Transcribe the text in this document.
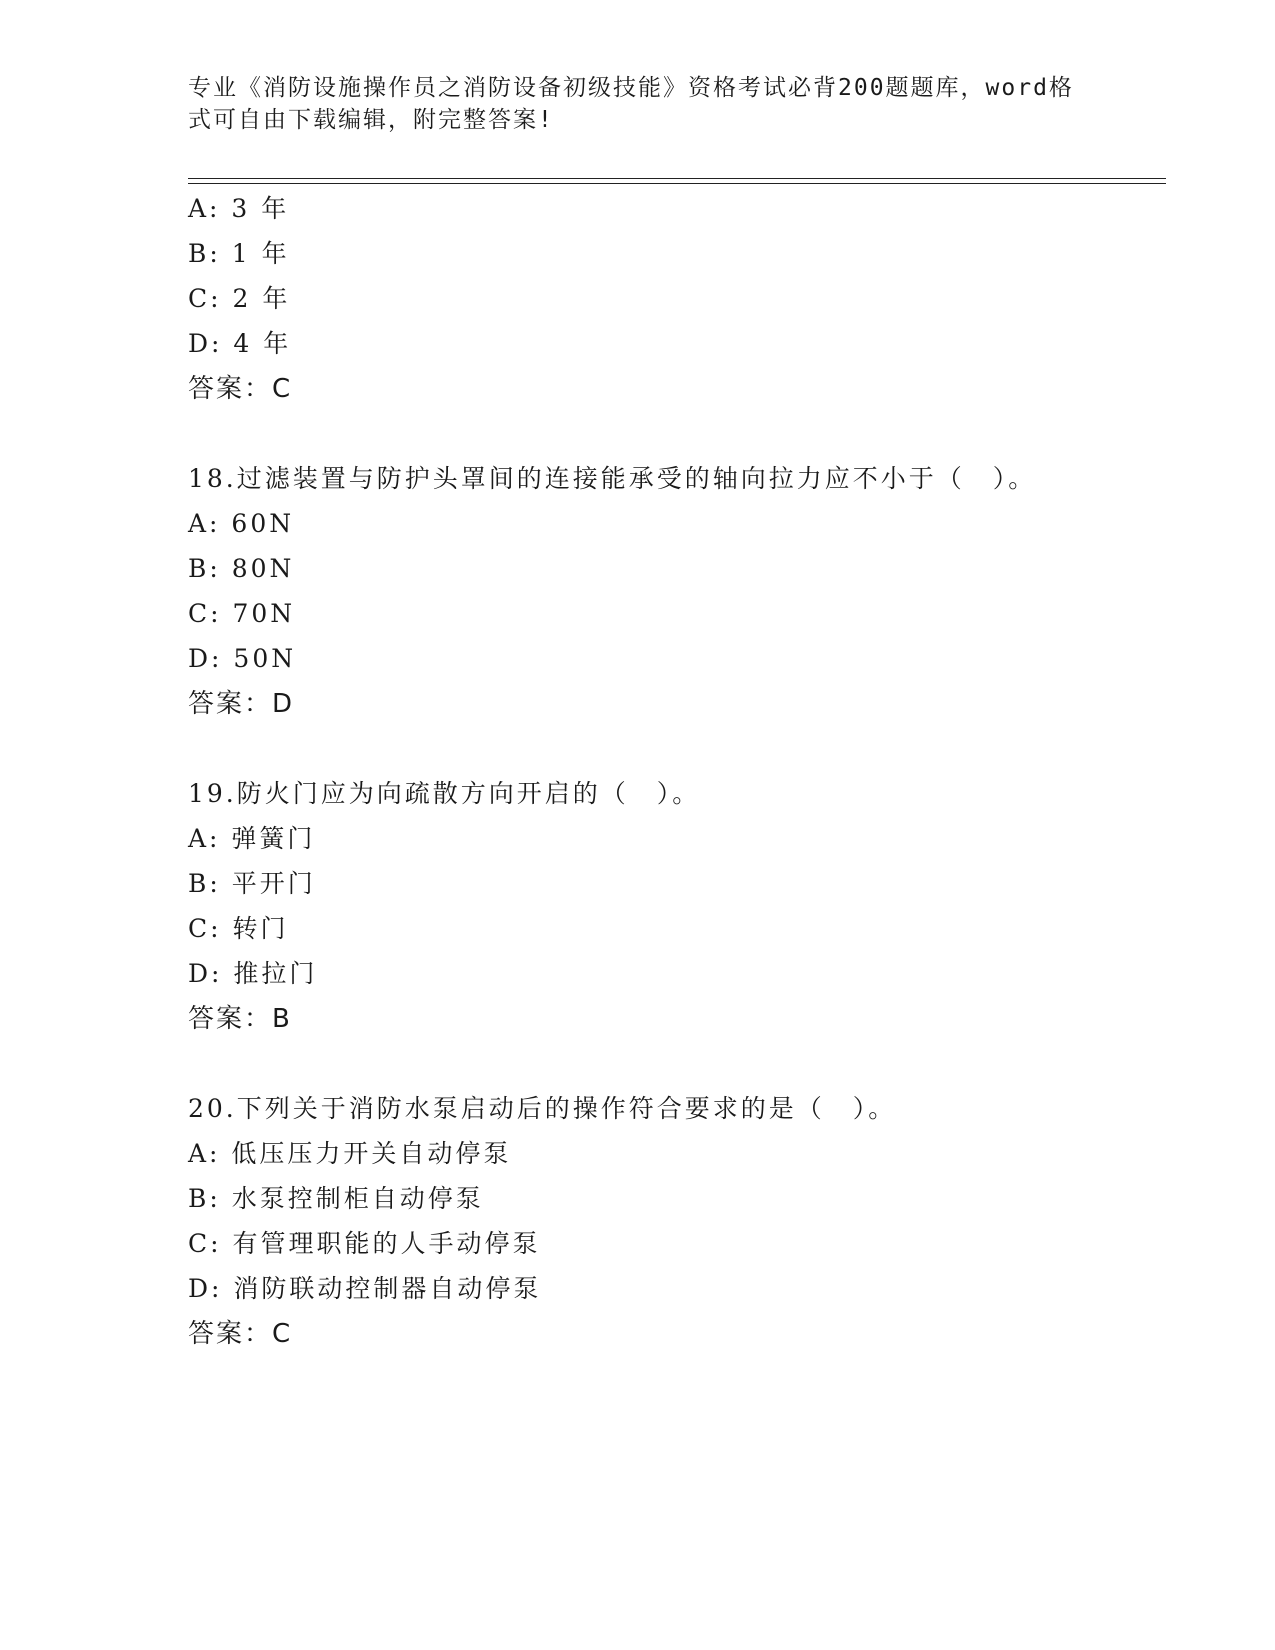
专业《消防设施操作员之消防设备初级技能》资格考试必背200题题库，word格式可自由下载编辑，附完整答案!
A: 3 年
B: 1 年
C: 2 年
D: 4 年
答案：C
18.过滤装置与防护头罩间的连接能承受的轴向拉力应不小于（　）。
A: 60N
B: 80N
C: 70N
D: 50N
答案：D
19.防火门应为向疏散方向开启的（　）。
A: 弹簧门
B: 平开门
C: 转门
D: 推拉门
答案：B
20.下列关于消防水泵启动后的操作符合要求的是（　）。
A: 低压压力开关自动停泵
B: 水泵控制柜自动停泵
C: 有管理职能的人手动停泵
D: 消防联动控制器自动停泵
答案：C
